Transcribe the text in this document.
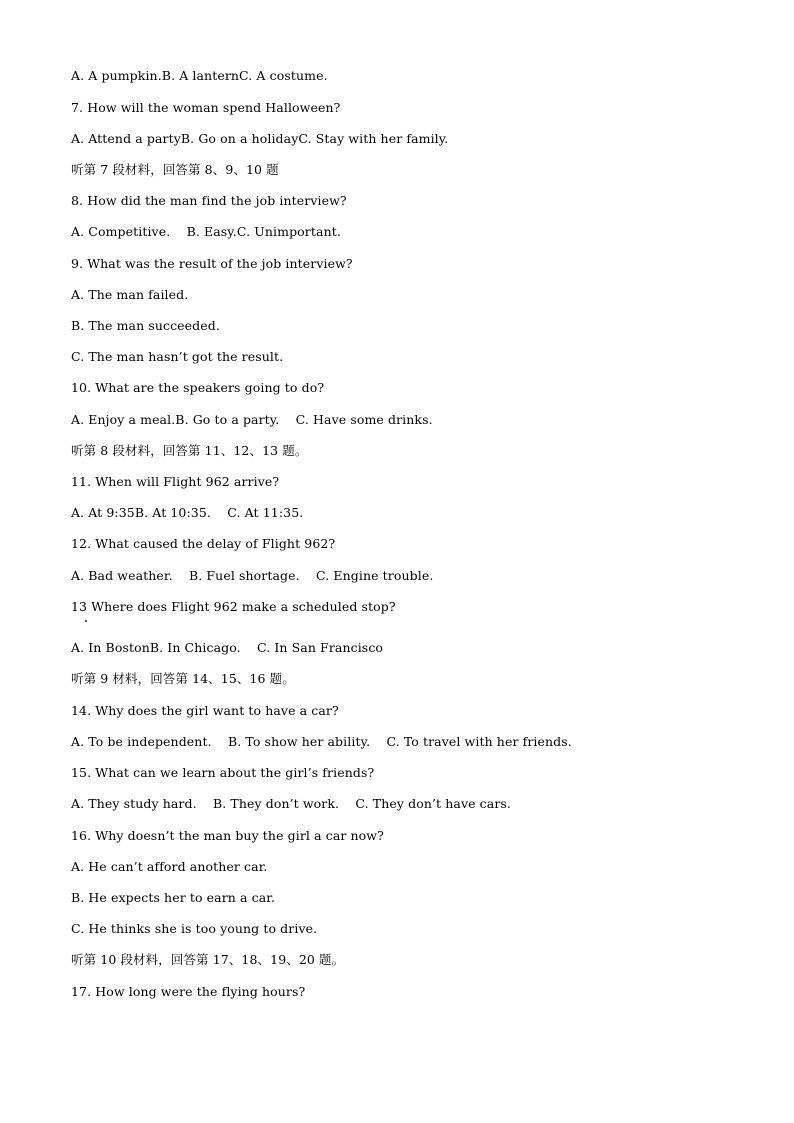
A. A pumpkin.B. A lanternC. A costume.
7. How will the woman spend Halloween?
A. Attend a partyB. Go on a holidayC. Stay with her family.
听第 7 段材料，回答第 8、9、10 题
8. How did the man find the job interview?
A. Competitive.    B. Easy.C. Unimportant.
9. What was the result of the job interview?
A. The man failed.
B. The man succeeded.
C. The man hasn’t got the result.
10. What are the speakers going to do?
A. Enjoy a meal.B. Go to a party.    C. Have some drinks.
听第 8 段材料，回答第 11、12、13 题。
11. When will Flight 962 arrive?
A. At 9:35B. At 10:35.    C. At 11:35.
12. What caused the delay of Flight 962?
A. Bad weather.    B. Fuel shortage.    C. Engine trouble.
13 Where does Flight 962 make a scheduled stop?
A. In BostonB. In Chicago.    C. In San Francisco
听第 9 材料，回答第 14、15、16 题。
14. Why does the girl want to have a car?
A. To be independent.    B. To show her ability.    C. To travel with her friends.
15. What can we learn about the girl’s friends?
A. They study hard.    B. They don’t work.    C. They don’t have cars.
16. Why doesn’t the man buy the girl a car now?
A. He can’t afford another car.
B. He expects her to earn a car.
C. He thinks she is too young to drive.
听第 10 段材料，回答第 17、18、19、20 题。
17. How long were the flying hours?
